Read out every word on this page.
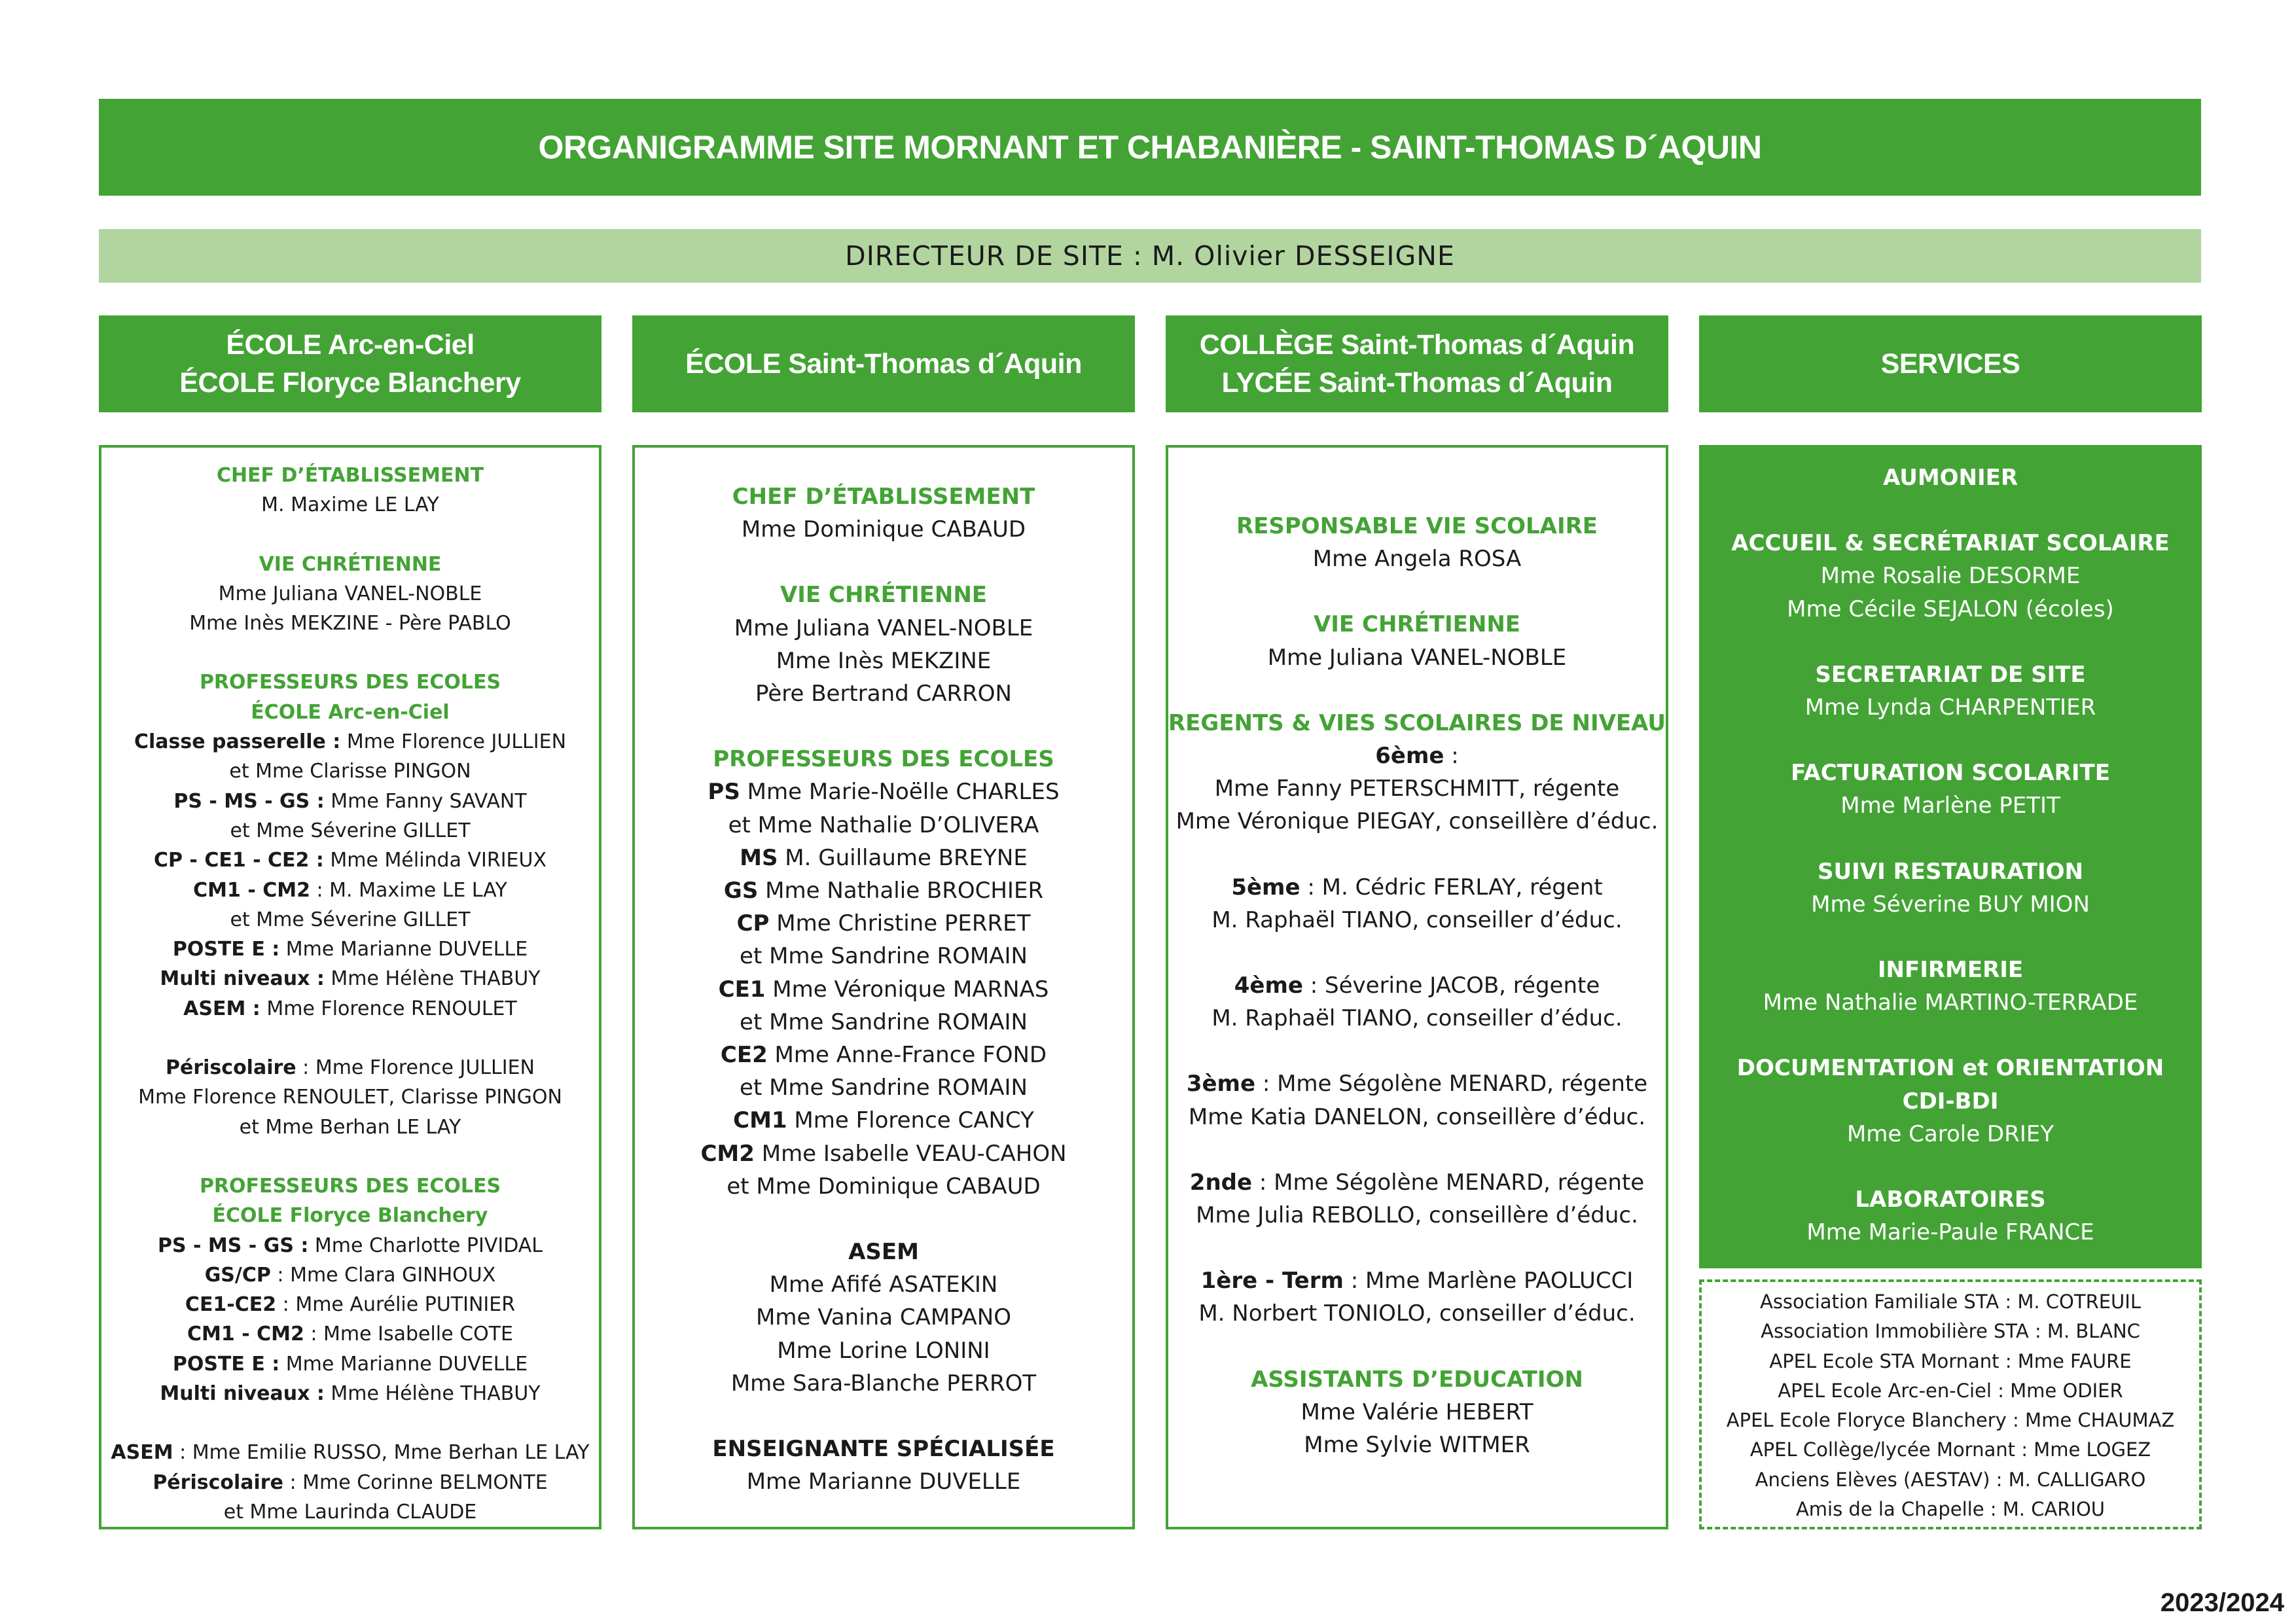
ORGANIGRAMME SITE MORNANT ET CHABANIÈRE - SAINT-THOMAS D´AQUIN
DIRECTEUR DE SITE : M. Olivier DESSEIGNE
ÉCOLE Arc-en-Ciel
ÉCOLE Floryce Blanchery
ÉCOLE Saint-Thomas d´Aquin
COLLÈGE Saint-Thomas d´Aquin
LYCÉE Saint-Thomas d´Aquin
SERVICES
CHEF D’ÉTABLISSEMENT
M. Maxime LE LAY
VIE CHRÉTIENNE
Mme Juliana VANEL-NOBLE
Mme Inès MEKZINE - Père PABLO
PROFESSEURS DES ECOLES
ÉCOLE Arc-en-Ciel
Classe passerelle : Mme Florence JULLIEN
et Mme Clarisse PINGON
PS - MS - GS : Mme Fanny SAVANT
et Mme Séverine GILLET
CP - CE1 - CE2 : Mme Mélinda VIRIEUX
CM1 - CM2 : M. Maxime LE LAY
et Mme Séverine GILLET
POSTE E : Mme Marianne DUVELLE
Multi niveaux : Mme Hélène THABUY
ASEM : Mme Florence RENOULET
Périscolaire : Mme Florence JULLIEN
Mme Florence RENOULET, Clarisse PINGON
et Mme Berhan LE LAY
PROFESSEURS DES ECOLES
ÉCOLE Floryce Blanchery
PS - MS - GS : Mme Charlotte PIVIDAL
GS/CP : Mme Clara GINHOUX
CE1-CE2 : Mme Aurélie PUTINIER
CM1 - CM2 : Mme Isabelle COTE
POSTE E : Mme Marianne DUVELLE
Multi niveaux : Mme Hélène THABUY
ASEM : Mme Emilie RUSSO, Mme Berhan LE LAY
Périscolaire : Mme Corinne BELMONTE
et Mme Laurinda CLAUDE
CHEF D’ÉTABLISSEMENT
Mme Dominique CABAUD
VIE CHRÉTIENNE
Mme Juliana VANEL-NOBLE
Mme Inès MEKZINE
Père Bertrand CARRON
PROFESSEURS DES ECOLES
PS Mme Marie-Noëlle CHARLES
et Mme Nathalie D’OLIVERA
MS M. Guillaume BREYNE
GS Mme Nathalie BROCHIER
CP Mme Christine PERRET
et Mme Sandrine ROMAIN
CE1 Mme Véronique MARNAS
et Mme Sandrine ROMAIN
CE2 Mme Anne-France FOND
et Mme Sandrine ROMAIN
CM1 Mme Florence CANCY
CM2 Mme Isabelle VEAU-CAHON
et Mme Dominique CABAUD
ASEM
Mme Afifé ASATEKIN
Mme Vanina CAMPANO
Mme Lorine LONINI
Mme Sara-Blanche PERROT
ENSEIGNANTE SPÉCIALISÉE
Mme Marianne DUVELLE
RESPONSABLE VIE SCOLAIRE
Mme Angela ROSA
VIE CHRÉTIENNE
Mme Juliana VANEL-NOBLE
REGENTS & VIES SCOLAIRES DE NIVEAU
6ème :
Mme Fanny PETERSCHMITT, régente
Mme Véronique PIEGAY, conseillère d’éduc.
5ème : M. Cédric FERLAY, régent
M. Raphaël TIANO, conseiller d’éduc.
4ème : Séverine JACOB, régente
M. Raphaël TIANO, conseiller d’éduc.
3ème : Mme Ségolène MENARD, régente
Mme Katia DANELON, conseillère d’éduc.
2nde : Mme Ségolène MENARD, régente
Mme Julia REBOLLO, conseillère d’éduc.
1ère - Term : Mme Marlène PAOLUCCI
M. Norbert TONIOLO, conseiller d’éduc.
ASSISTANTS D’EDUCATION
Mme Valérie HEBERT
Mme Sylvie WITMER
AUMONIER
ACCUEIL & SECRÉTARIAT SCOLAIRE
Mme Rosalie DESORME
Mme Cécile SEJALON (écoles)
SECRETARIAT DE SITE
Mme Lynda CHARPENTIER
FACTURATION SCOLARITE
Mme Marlène PETIT
SUIVI RESTAURATION
Mme Séverine BUY MION
INFIRMERIE
Mme Nathalie MARTINO-TERRADE
DOCUMENTATION et ORIENTATION
CDI-BDI
Mme Carole DRIEY
LABORATOIRES
Mme Marie-Paule FRANCE
Association Familiale STA : M. COTREUIL
Association Immobilière STA : M. BLANC
APEL Ecole STA Mornant : Mme FAURE
APEL Ecole Arc-en-Ciel : Mme ODIER
APEL Ecole Floryce Blanchery : Mme CHAUMAZ
APEL Collège/lycée Mornant : Mme LOGEZ
Anciens Elèves (AESTAV) : M. CALLIGARO
Amis de la Chapelle : M. CARIOU
2023/2024
